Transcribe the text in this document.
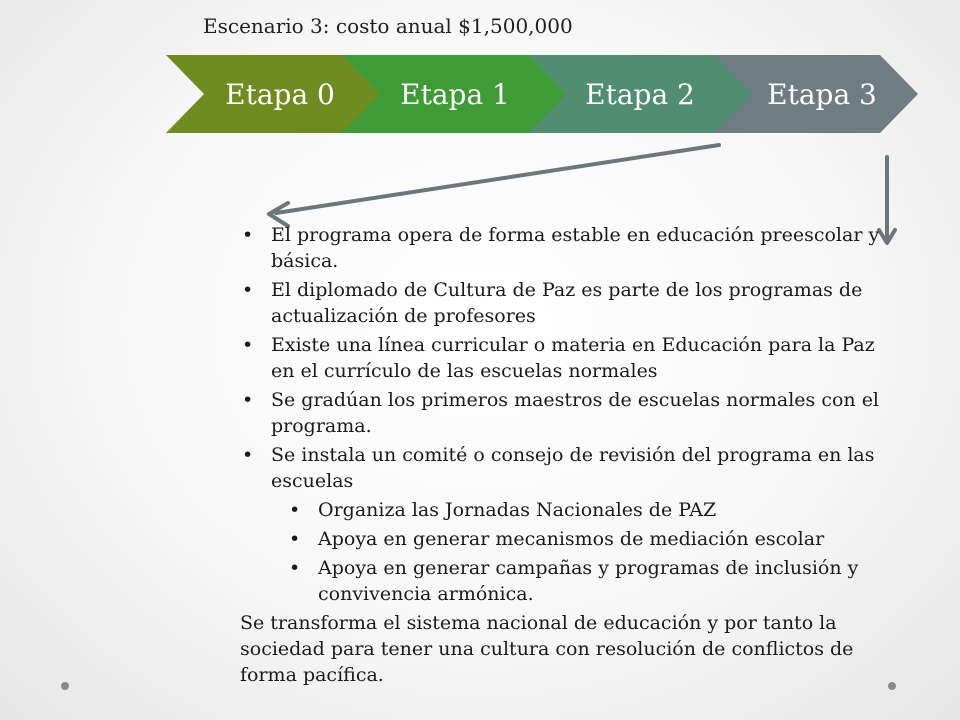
Escenario 3: costo anual $1,500,000
Etapa 0 Etapa 1	Etapa 2	Etapa 3
• El programa opera de forma estable en educación preescolar y básica.
• El diplomado de Cultura de Paz es parte de los programas de actualización de profesores
• Existe una línea curricular o materia en Educación para la Paz en el currículo de las escuelas normales
• Se gradúan los primeros maestros de escuelas normales con el programa.
• Se instala un comité o consejo de revisión del programa en las escuelas
• Organiza las Jornadas Nacionales de PAZ
• Apoya en generar mecanismos de mediación escolar
• Apoya en generar campañas y programas de inclusión y convivencia armónica.
Se transforma el sistema nacional de educación y por tanto la sociedad para tener una cultura con resolución de conflictos de forma pacífica.
